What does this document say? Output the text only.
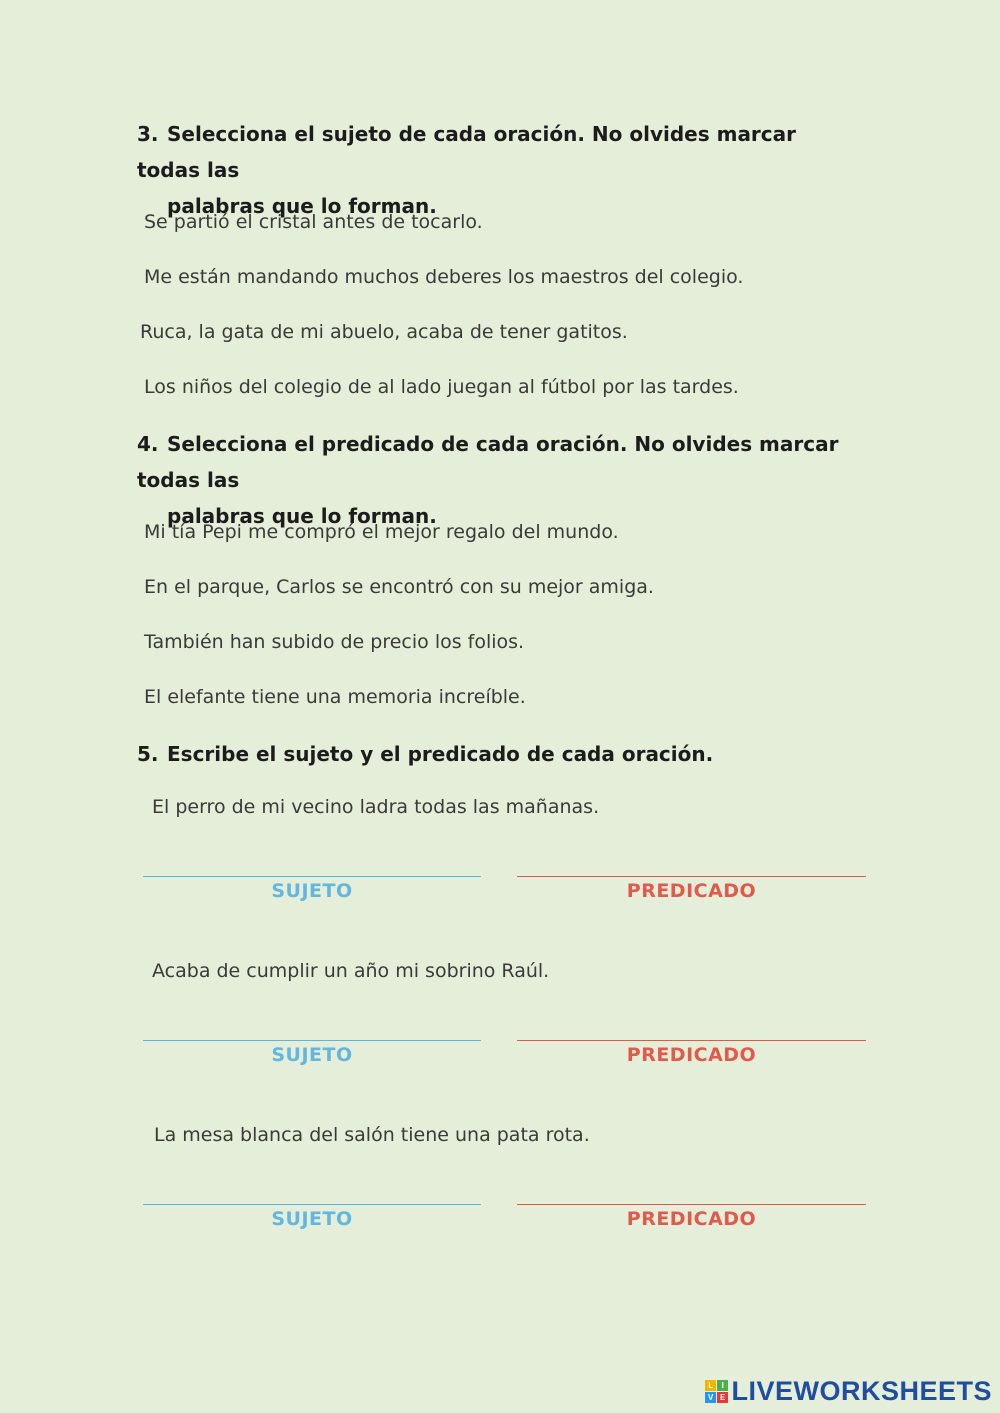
3. Selecciona el sujeto de cada oración. No olvides marcar todas las
palabras que lo forman.
Se partió el cristal antes de tocarlo.
Me están mandando muchos deberes los maestros del colegio.
Ruca, la gata de mi abuelo, acaba de tener gatitos.
Los niños del colegio de al lado juegan al fútbol por las tardes.
4. Selecciona el predicado de cada oración. No olvides marcar todas las
palabras que lo forman.
Mi tía Pepi me compró el mejor regalo del mundo.
En el parque, Carlos se encontró con su mejor amiga.
También han subido de precio los folios.
El elefante tiene una memoria increíble.
5. Escribe el sujeto y el predicado de cada oración.
El perro de mi vecino ladra todas las mañanas.
SUJETO	PREDICADO
Acaba de cumplir un año mi sobrino Raúl.
SUJETO	PREDICADO
La mesa blanca del salón tiene una pata rota.
SUJETO	PREDICADO
L I
V E LIVEWORKSHEETS
